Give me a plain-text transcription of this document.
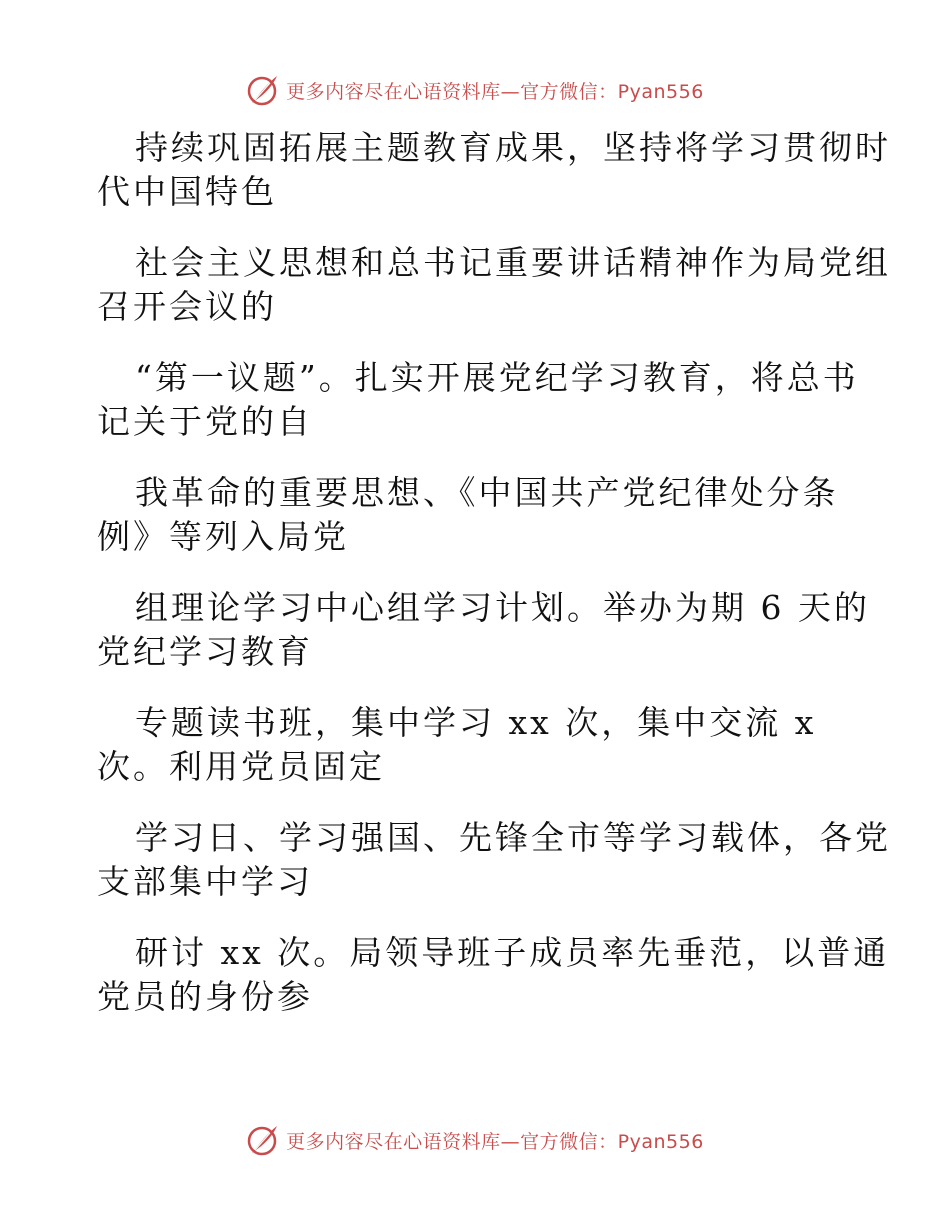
更多内容尽在心语资料库—官方微信：Pyan556

持续巩固拓展主题教育成果，坚持将学习贯彻时

代中国特色

社会主义思想和总书记重要讲话精神作为局党组

召开会议的

“第一议题”。扎实开展党纪学习教育，将总书

记关于党的自

我革命的重要思想、《中国共产党纪律处分条

例》等列入局党

组理论学习中心组学习计划。举办为期 6 天的

党纪学习教育

专题读书班，集中学习 xx 次，集中交流 x

次。利用党员固定

学习日、学习强国、先锋全市等学习载体，各党

支部集中学习

研讨 xx 次。局领导班子成员率先垂范，以普通

党员的身份参

更多内容尽在心语资料库—官方微信：Pyan556
